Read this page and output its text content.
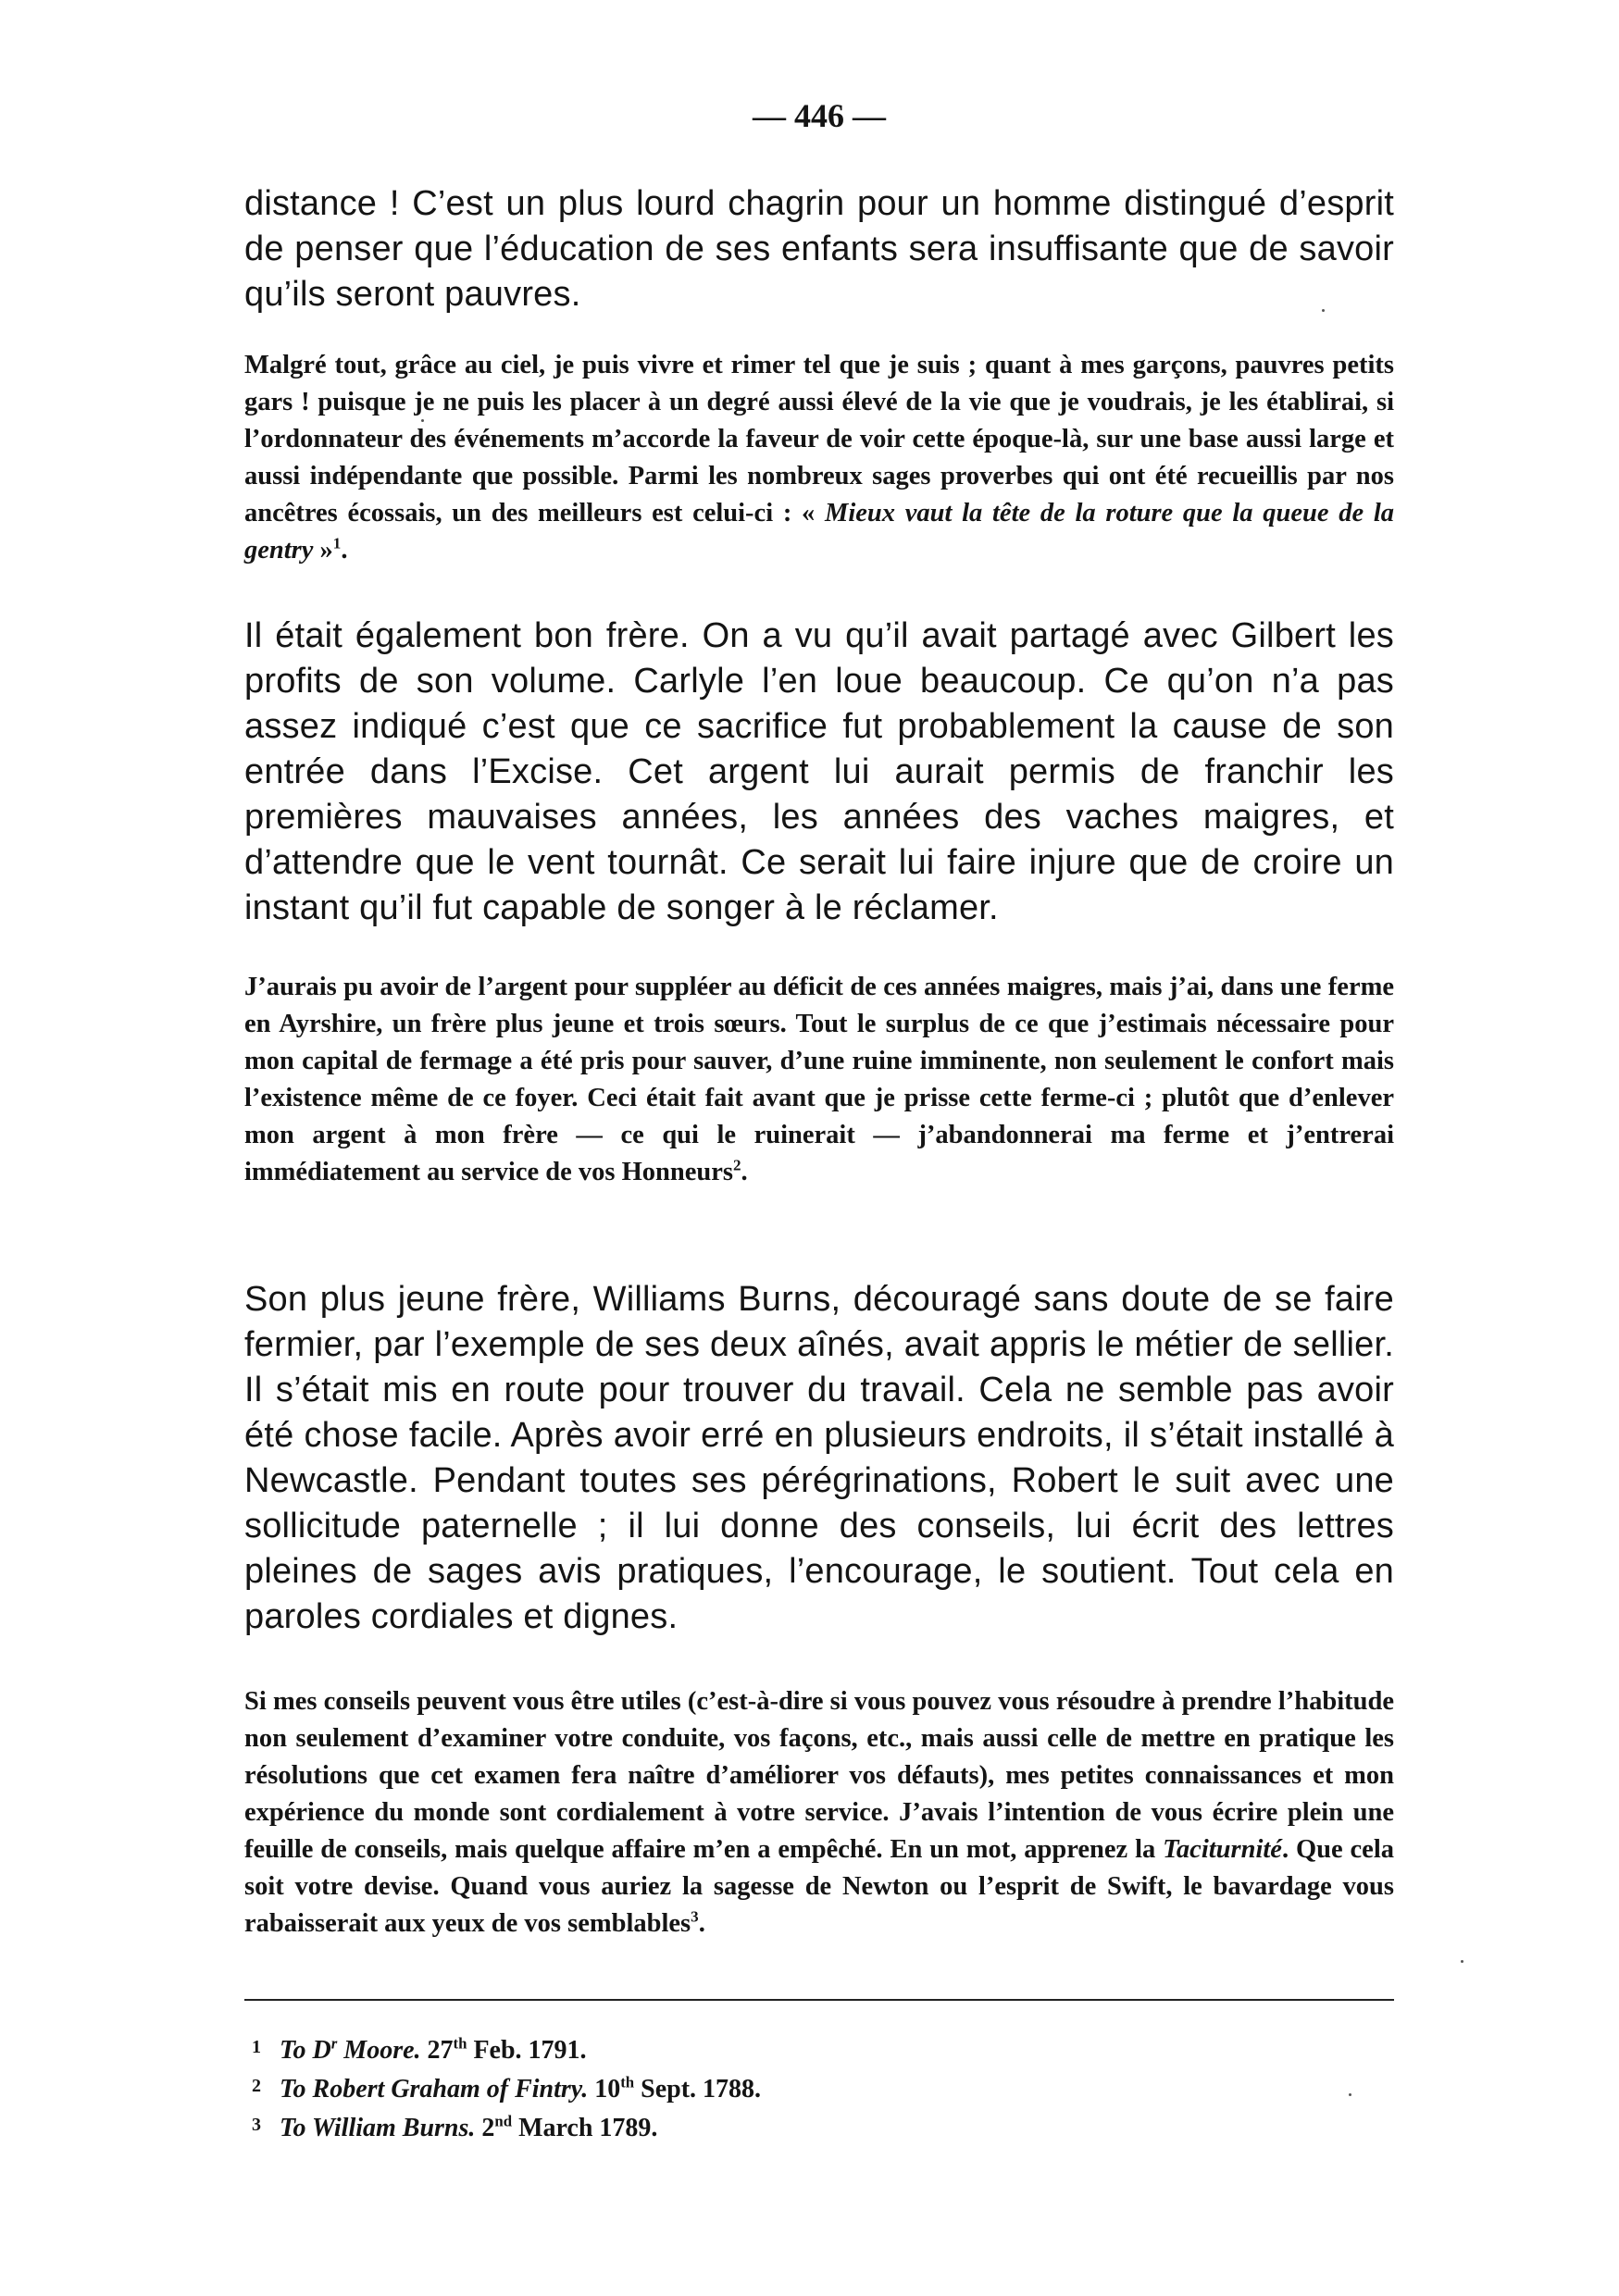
— 446 —

distance ! C’est un plus lourd chagrin pour un homme distingué d’esprit de penser que l’éducation de ses enfants sera insuffisante que de savoir qu’ils seront pauvres.

Malgré tout, grâce au ciel, je puis vivre et rimer tel que je suis ; quant à mes garçons, pauvres petits gars ! puisque je ne puis les placer à un degré aussi élevé de la vie que je voudrais, je les établirai, si l’ordonnateur des événements m’accorde la faveur de voir cette époque-là, sur une base aussi large et aussi indépendante que possible. Parmi les nombreux sages proverbes qui ont été recueillis par nos ancêtres écossais, un des meilleurs est celui-ci : « Mieux vaut la tête de la roture que la queue de la gentry »$^1$.

Il était également bon frère. On a vu qu’il avait partagé avec Gilbert les profits de son volume. Carlyle l’en loue beaucoup. Ce qu’on n’a pas assez indiqué c’est que ce sacrifice fut probablement la cause de son entrée dans l’Excise. Cet argent lui aurait permis de franchir les premières mauvaises années, les années des vaches maigres, et d’attendre que le vent tournât. Ce serait lui faire injure que de croire un instant qu’il fut capable de songer à le réclamer.

J’aurais pu avoir de l’argent pour suppléer au déficit de ces années maigres, mais j’ai, dans une ferme en Ayrshire, un frère plus jeune et trois sœurs. Tout le surplus de ce que j’estimais nécessaire pour mon capital de fermage a été pris pour sauver, d’une ruine imminente, non seulement le confort mais l’existence même de ce foyer. Ceci était fait avant que je prisse cette ferme-ci ; plutôt que d’enlever mon argent à mon frère — ce qui le ruinerait — j’abandonnerai ma ferme et j’entrerai immédiatement au service de vos Honneurs$^2$.

Son plus jeune frère, Williams Burns, découragé sans doute de se faire fermier, par l’exemple de ses deux aînés, avait appris le métier de sellier. Il s’était mis en route pour trouver du travail. Cela ne semble pas avoir été chose facile. Après avoir erré en plusieurs endroits, il s’était installé à Newcastle. Pendant toutes ses pérégrinations, Robert le suit avec une sollicitude paternelle ; il lui donne des conseils, lui écrit des lettres pleines de sages avis pratiques, l’encourage, le soutient. Tout cela en paroles cordiales et dignes.

Si mes conseils peuvent vous être utiles (c’est-à-dire si vous pouvez vous résoudre à prendre l’habitude non seulement d’examiner votre conduite, vos façons, etc., mais aussi celle de mettre en pratique les résolutions que cet examen fera naître d’améliorer vos défauts), mes petites connaissances et mon expérience du monde sont cordialement à votre service. J’avais l’intention de vous écrire plein une feuille de conseils, mais quelque affaire m’en a empêché. En un mot, apprenez la Taciturnité. Que cela soit votre devise. Quand vous auriez la sagesse de Newton ou l’esprit de Swift, le bavardage vous rabaisserait aux yeux de vos semblables$^3$.

1 To $D^r$ Moore. 27th Feb. 1791.
2 To Robert Graham of Fintry. 10th Sept. 1788.
3 To William Burns. 2nd March 1789.
